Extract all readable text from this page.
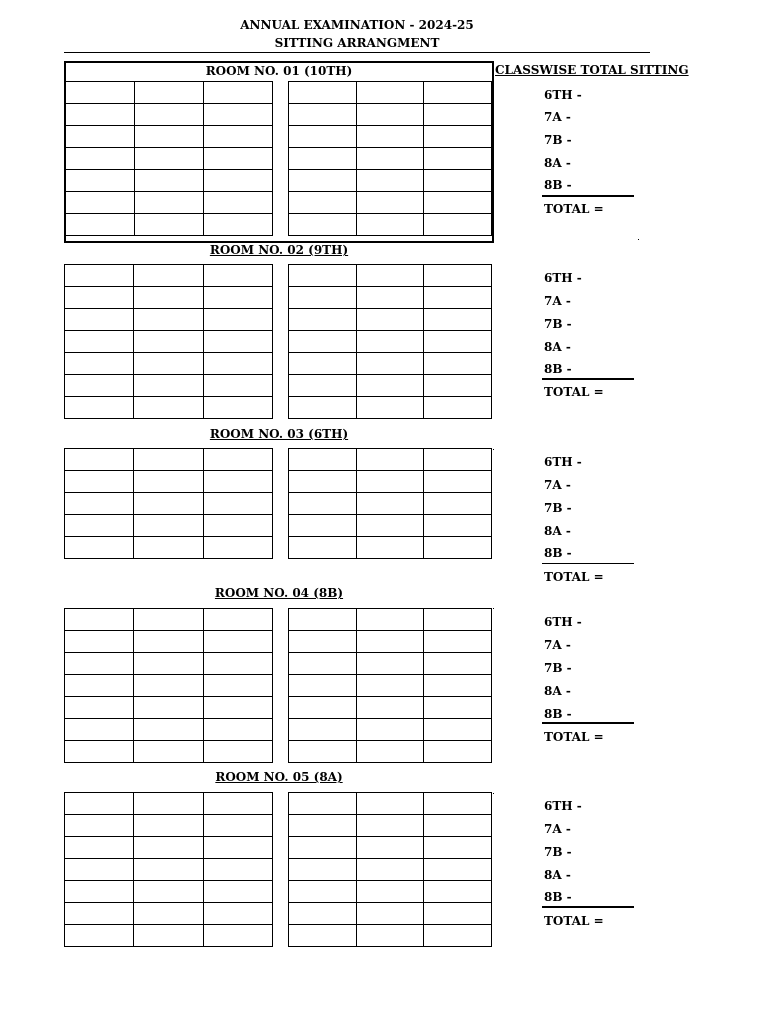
ANNUAL EXAMINATION - 2024-25
SITTING ARRANGMENT
CLASSWISE TOTAL SITTING
ROOM NO. 01 (10TH)

ROOM NO. 02 (9TH)

ROOM NO. 03 (6TH)

ROOM NO. 04 (8B)

ROOM NO. 05 (8A)

6TH -
7A -
7B -
8A -
8B -
TOTAL =
6TH -
7A -
7B -
8A -
8B -
TOTAL =
6TH -
7A -
7B -
8A -
8B -
TOTAL =
6TH -
7A -
7B -
8A -
8B -
TOTAL =
6TH -
7A -
7B -
8A -
8B -
TOTAL =
